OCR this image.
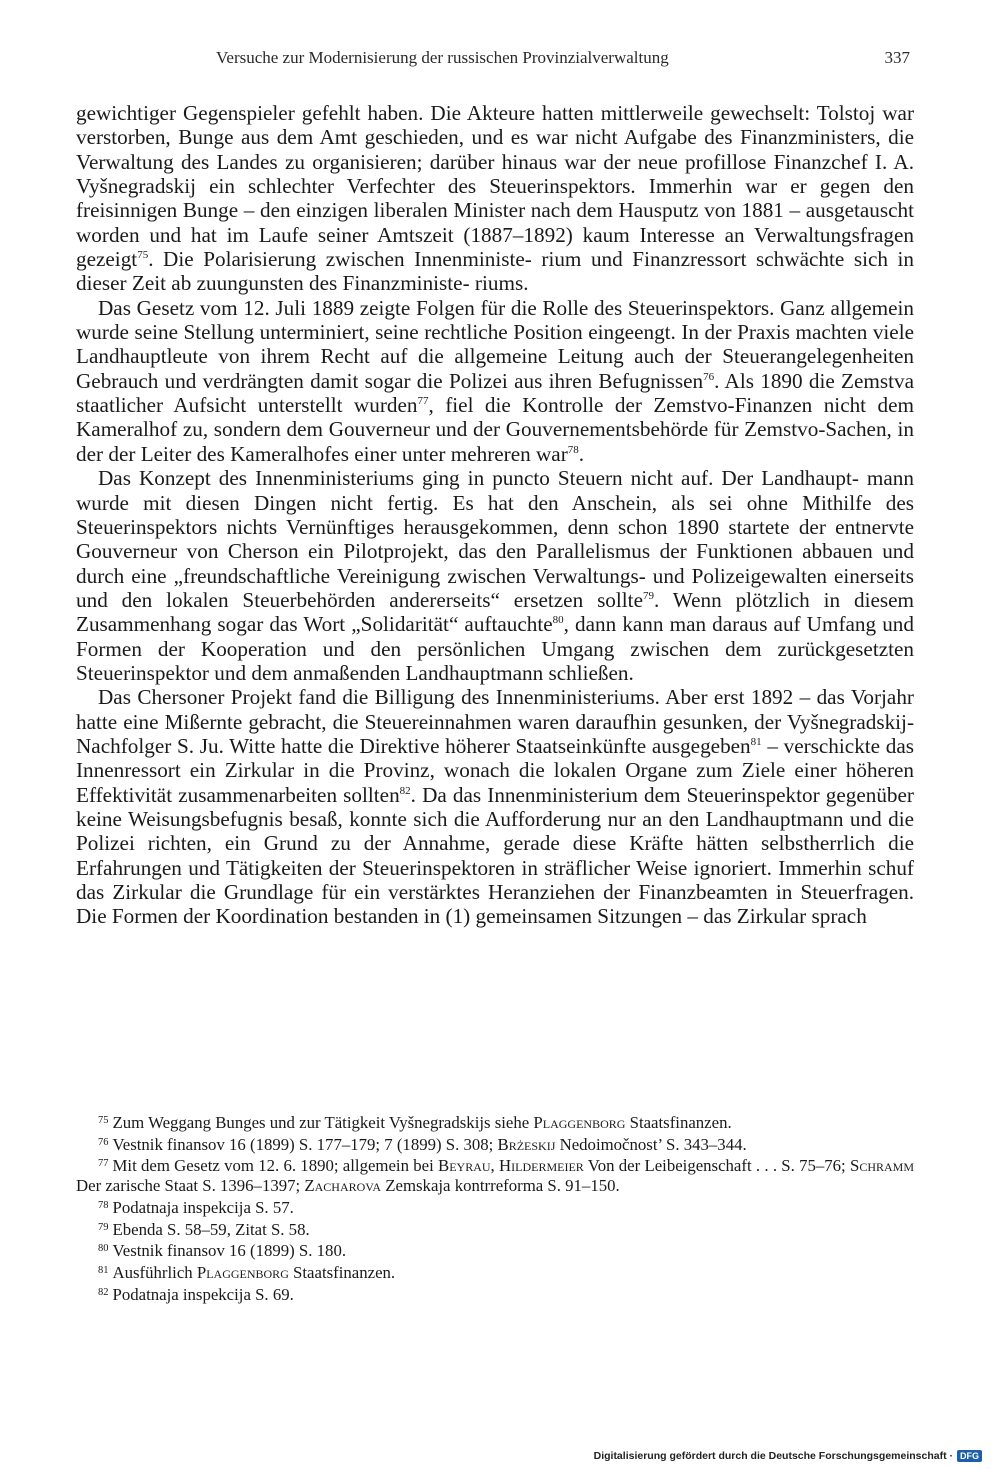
Versuche zur Modernisierung der russischen Provinzialverwaltung	337

gewichtiger Gegenspieler gefehlt haben. Die Akteure hatten mittlerweile gewechselt: Tolstoj war verstorben, Bunge aus dem Amt geschieden, und es war nicht Aufgabe des Finanzministers, die Verwaltung des Landes zu organisieren; darüber hinaus war der neue profillose Finanzchef I. A. Vyšnegradskij ein schlechter Verfechter des Steuerinspektors. Immerhin war er gegen den freisinnigen Bunge – den einzigen liberalen Minister nach dem Hausputz von 1881 – ausgetauscht worden und hat im Laufe seiner Amtszeit (1887–1892) kaum Interesse an Verwaltungsfragen gezeigt$^{75}$. Die Polarisierung zwischen Innenministe- rium und Finanzressort schwächte sich in dieser Zeit ab zuungunsten des Finanzministe- riums.

Das Gesetz vom 12. Juli 1889 zeigte Folgen für die Rolle des Steuerinspektors. Ganz allgemein wurde seine Stellung unterminiert, seine rechtliche Position eingeengt. In der Praxis machten viele Landhauptleute von ihrem Recht auf die allgemeine Leitung auch der Steuerangelegenheiten Gebrauch und verdrängten damit sogar die Polizei aus ihren Befugnissen$^{76}$. Als 1890 die Zemstva staatlicher Aufsicht unterstellt wurden$^{77}$, fiel die Kontrolle der Zemstvo-Finanzen nicht dem Kameralhof zu, sondern dem Gouverneur und der Gouvernementsbehörde für Zemstvo-Sachen, in der der Leiter des Kameralhofes einer unter mehreren war$^{78}$.

Das Konzept des Innenministeriums ging in puncto Steuern nicht auf. Der Landhaupt- mann wurde mit diesen Dingen nicht fertig. Es hat den Anschein, als sei ohne Mithilfe des Steuerinspektors nichts Vernünftiges herausgekommen, denn schon 1890 startete der entnervte Gouverneur von Cherson ein Pilotprojekt, das den Parallelismus der Funktionen abbauen und durch eine „freundschaftliche Vereinigung zwischen Verwaltungs- und Polizeigewalten einerseits und den lokalen Steuerbehörden andererseits“ ersetzen sollte$^{79}$. Wenn plötzlich in diesem Zusammenhang sogar das Wort „Solidarität“ auftauchte$^{80}$, dann kann man daraus auf Umfang und Formen der Kooperation und den persönlichen Umgang zwischen dem zurückgesetzten Steuerinspektor und dem anmaßenden Landhauptmann schließen.

Das Chersoner Projekt fand die Billigung des Innenministeriums. Aber erst 1892 – das Vorjahr hatte eine Mißernte gebracht, die Steuereinnahmen waren daraufhin gesunken, der Vyšnegradskij-Nachfolger S. Ju. Witte hatte die Direktive höherer Staatseinkünfte ausgegeben$^{81}$ – verschickte das Innenressort ein Zirkular in die Provinz, wonach die lokalen Organe zum Ziele einer höheren Effektivität zusammenarbeiten sollten$^{82}$. Da das Innenministerium dem Steuerinspektor gegenüber keine Weisungsbefugnis besaß, konnte sich die Aufforderung nur an den Landhauptmann und die Polizei richten, ein Grund zu der Annahme, gerade diese Kräfte hätten selbstherrlich die Erfahrungen und Tätigkeiten der Steuerinspektoren in sträflicher Weise ignoriert. Immerhin schuf das Zirkular die Grundlage für ein verstärktes Heranziehen der Finanzbeamten in Steuerfragen. Die Formen der Koordination bestanden in (1) gemeinsamen Sitzungen – das Zirkular sprach

$^{75}$ Zum Weggang Bunges und zur Tätigkeit Vyšnegradskijs siehe Plaggenborg Staatsfinanzen.

$^{76}$ Vestnik finansov 16 (1899) S. 177–179; 7 (1899) S. 308; Brżeskij Nedoimočnost’ S. 343–344.

$^{77}$ Mit dem Gesetz vom 12. 6. 1890; allgemein bei Beyrau, Hildermeier Von der Leibeigenschaft . . . S. 75–76; Schramm Der zarische Staat S. 1396–1397; Zacharova Zemskaja kontrreforma S. 91–150.

$^{78}$ Podatnaja inspekcija S. 57.

$^{79}$ Ebenda S. 58–59, Zitat S. 58.

$^{80}$ Vestnik finansov 16 (1899) S. 180.

$^{81}$ Ausführlich Plaggenborg Staatsfinanzen.

$^{82}$ Podatnaja inspekcija S. 69.

Digitalisierung gefördert durch die Deutsche Forschungsgemeinschaft · DFG
